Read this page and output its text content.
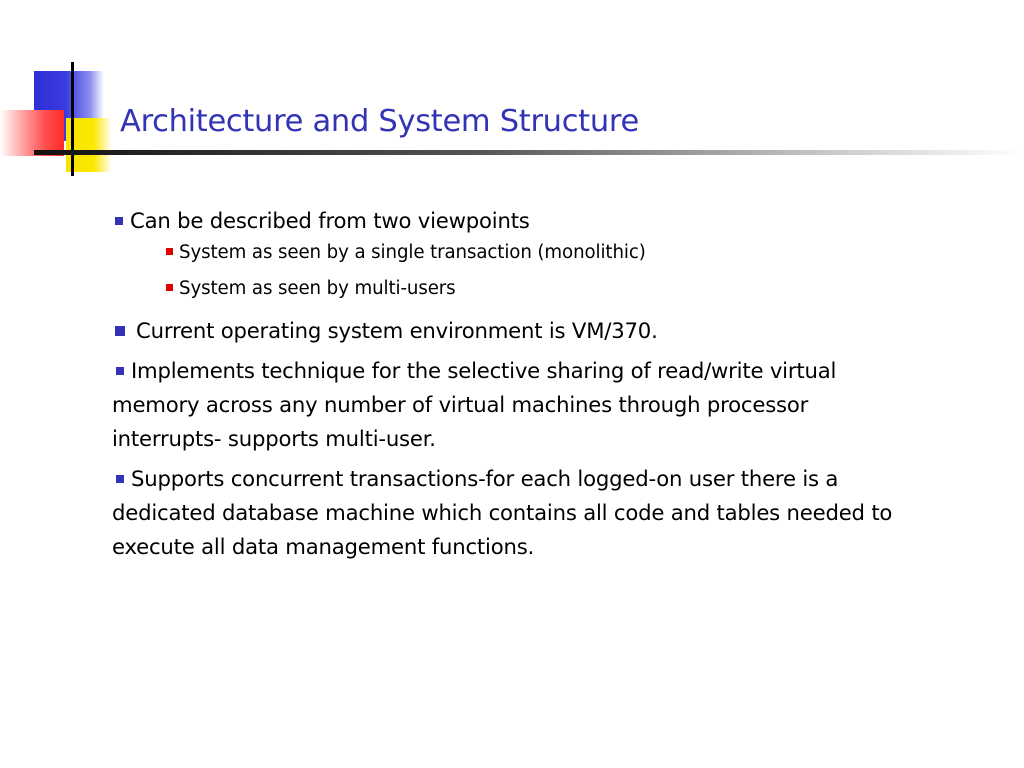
Architecture and System Structure
Can be described from two viewpoints
System as seen by a single transaction (monolithic)
System as seen by multi-users
Current operating system environment is VM/370.
Implements technique for the selective sharing of read/write virtual memory across any number of virtual machines through processor interrupts- supports multi-user.
Supports concurrent transactions-for each logged-on user there is a dedicated database machine which contains all code and tables needed to execute all data management functions.
